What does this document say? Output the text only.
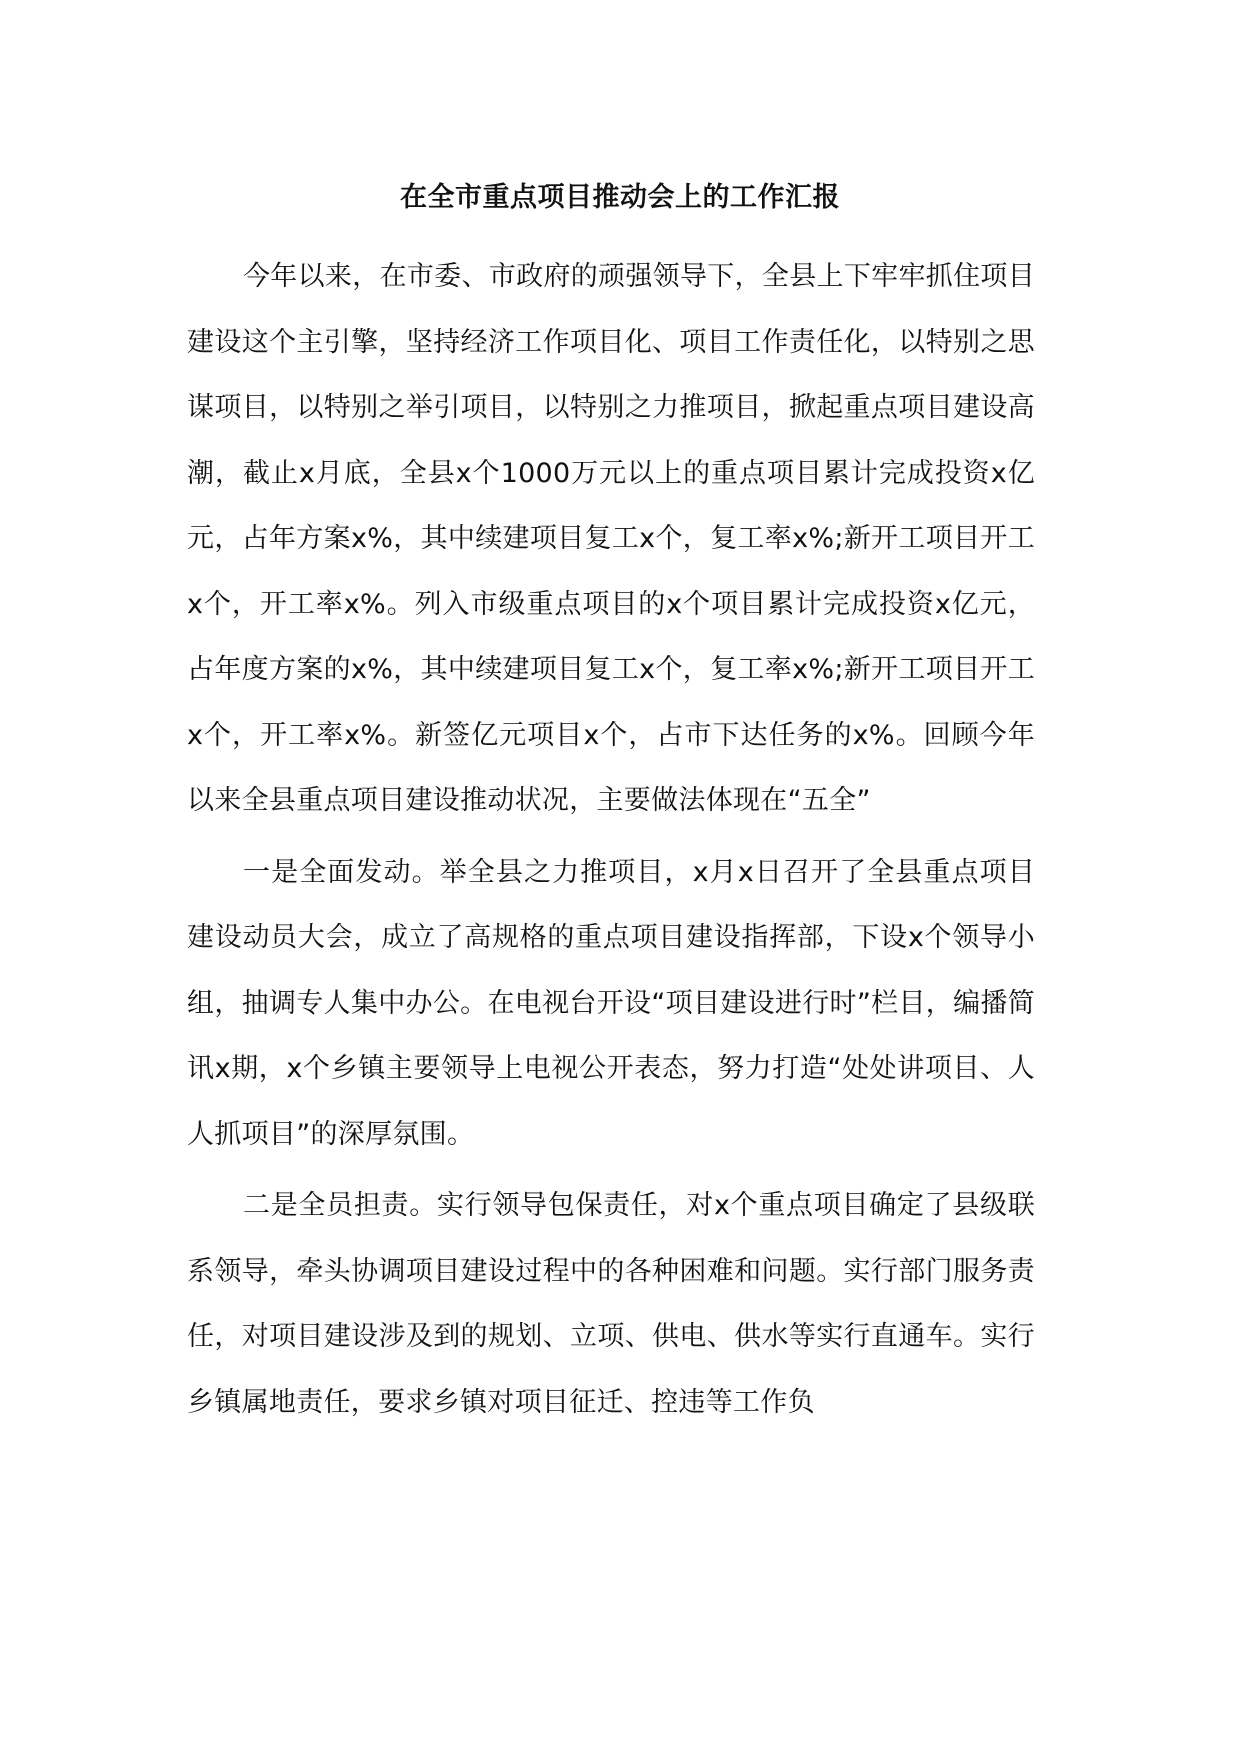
在全市重点项目推动会上的工作汇报

今年以来，在市委、市政府的顽强领导下，全县上下牢牢抓住项目建设这个主引擎，坚持经济工作项目化、项目工作责任化，以特别之思谋项目，以特别之举引项目，以特别之力推项目，掀起重点项目建设高潮，截止x月底，全县x个1000万元以上的重点项目累计完成投资x亿元，占年方案x%，其中续建项目复工x个，复工率x%;新开工项目开工x个，开工率x%。列入市级重点项目的x个项目累计完成投资x亿元，占年度方案的x%，其中续建项目复工x个，复工率x%;新开工项目开工x个，开工率x%。新签亿元项目x个，占市下达任务的x%。回顾今年以来全县重点项目建设推动状况，主要做法体现在“五全”

一是全面发动。举全县之力推项目，x月x日召开了全县重点项目建设动员大会，成立了高规格的重点项目建设指挥部，下设x个领导小组，抽调专人集中办公。在电视台开设“项目建设进行时”栏目，编播简讯x期，x个乡镇主要领导上电视公开表态，努力打造“处处讲项目、人人抓项目”的深厚氛围。

二是全员担责。实行领导包保责任，对x个重点项目确定了县级联系领导，牵头协调项目建设过程中的各种困难和问题。实行部门服务责任，对项目建设涉及到的规划、立项、供电、供水等实行直通车。实行乡镇属地责任，要求乡镇对项目征迁、控违等工作负
